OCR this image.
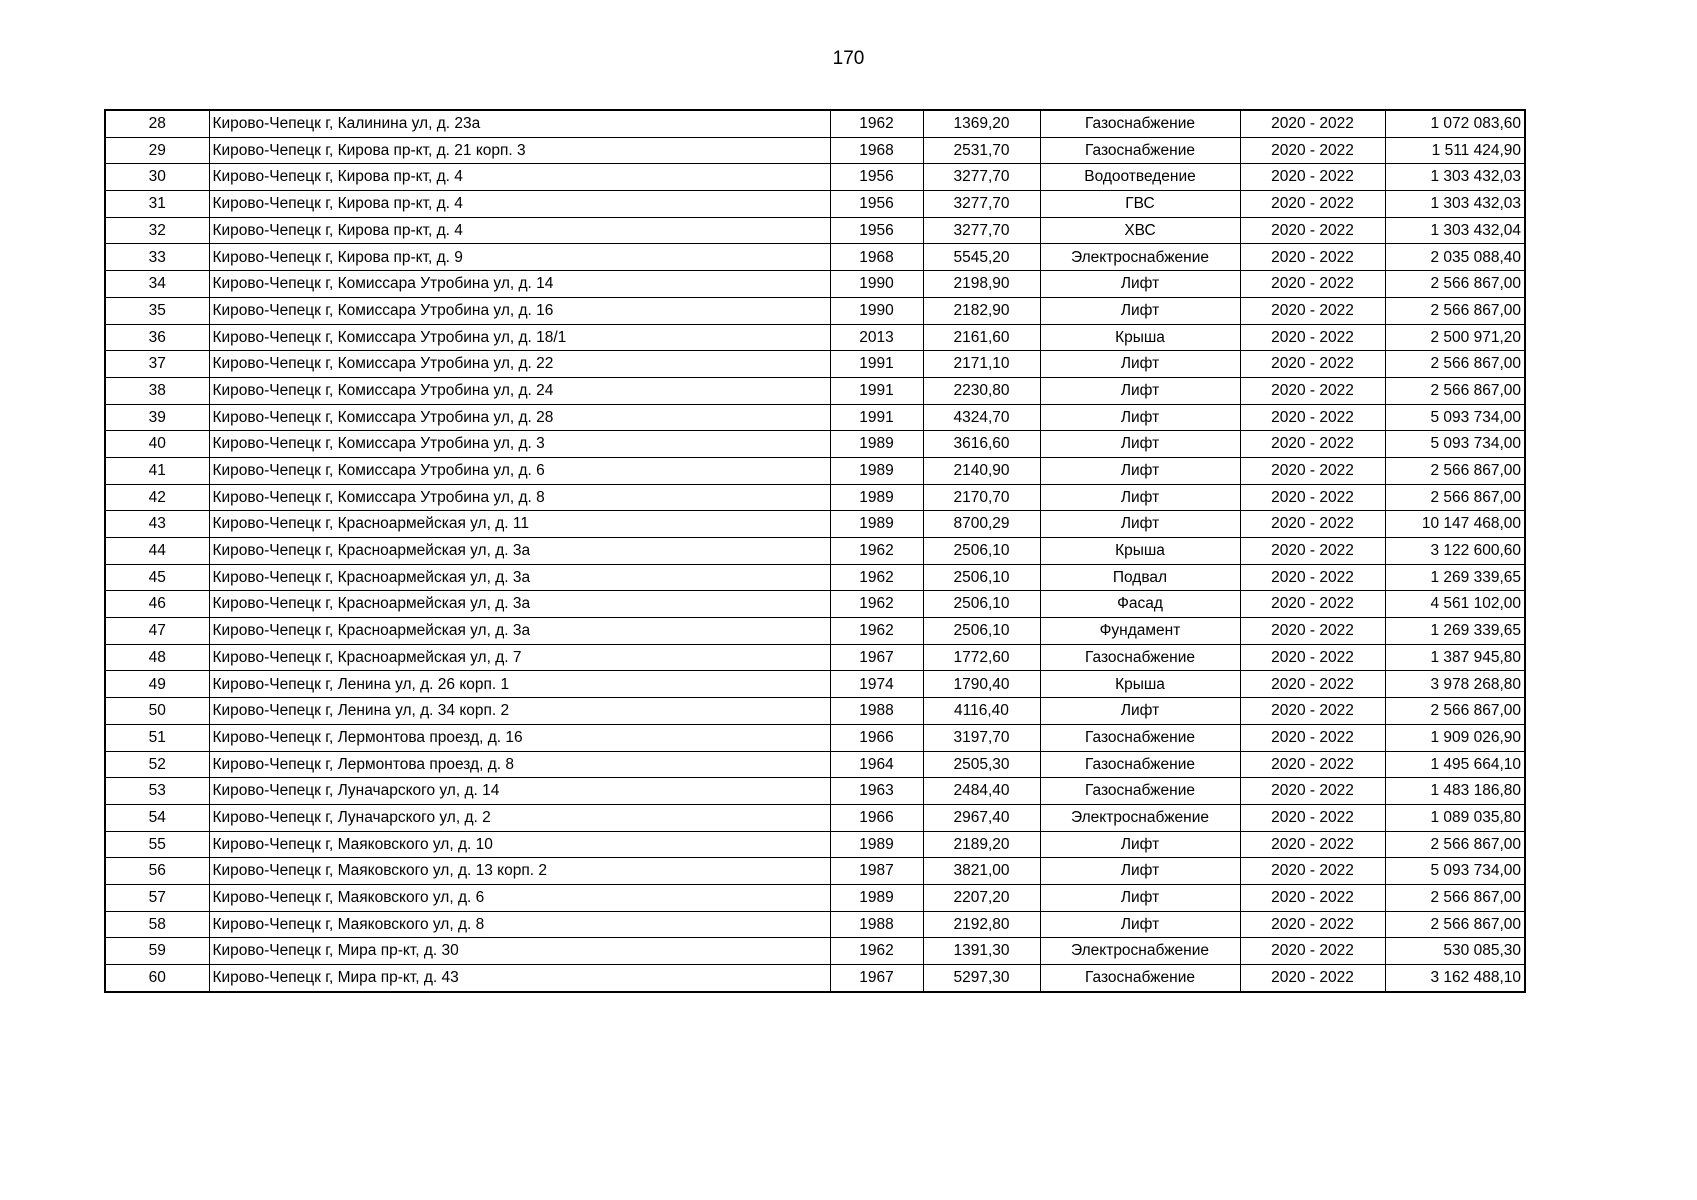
170
28	Кирово-Чепецк г, Калинина ул, д. 23а	1962	1369,20	Газоснабжение	2020 - 2022	1 072 083,60
29	Кирово-Чепецк г, Кирова пр-кт, д. 21 корп. 3	1968	2531,70	Газоснабжение	2020 - 2022	1 511 424,90
30	Кирово-Чепецк г, Кирова пр-кт, д. 4	1956	3277,70	Водоотведение	2020 - 2022	1 303 432,03
31	Кирово-Чепецк г, Кирова пр-кт, д. 4	1956	3277,70	ГВС	2020 - 2022	1 303 432,03
32	Кирово-Чепецк г, Кирова пр-кт, д. 4	1956	3277,70	ХВС	2020 - 2022	1 303 432,04
33	Кирово-Чепецк г, Кирова пр-кт, д. 9	1968	5545,20	Электроснабжение	2020 - 2022	2 035 088,40
34	Кирово-Чепецк г, Комиссара Утробина ул, д. 14	1990	2198,90	Лифт	2020 - 2022	2 566 867,00
35	Кирово-Чепецк г, Комиссара Утробина ул, д. 16	1990	2182,90	Лифт	2020 - 2022	2 566 867,00
36	Кирово-Чепецк г, Комиссара Утробина ул, д. 18/1	2013	2161,60	Крыша	2020 - 2022	2 500 971,20
37	Кирово-Чепецк г, Комиссара Утробина ул, д. 22	1991	2171,10	Лифт	2020 - 2022	2 566 867,00
38	Кирово-Чепецк г, Комиссара Утробина ул, д. 24	1991	2230,80	Лифт	2020 - 2022	2 566 867,00
39	Кирово-Чепецк г, Комиссара Утробина ул, д. 28	1991	4324,70	Лифт	2020 - 2022	5 093 734,00
40	Кирово-Чепецк г, Комиссара Утробина ул, д. 3	1989	3616,60	Лифт	2020 - 2022	5 093 734,00
41	Кирово-Чепецк г, Комиссара Утробина ул, д. 6	1989	2140,90	Лифт	2020 - 2022	2 566 867,00
42	Кирово-Чепецк г, Комиссара Утробина ул, д. 8	1989	2170,70	Лифт	2020 - 2022	2 566 867,00
43	Кирово-Чепецк г, Красноармейская ул, д. 11	1989	8700,29	Лифт	2020 - 2022	10 147 468,00
44	Кирово-Чепецк г, Красноармейская ул, д. 3а	1962	2506,10	Крыша	2020 - 2022	3 122 600,60
45	Кирово-Чепецк г, Красноармейская ул, д. 3а	1962	2506,10	Подвал	2020 - 2022	1 269 339,65
46	Кирово-Чепецк г, Красноармейская ул, д. 3а	1962	2506,10	Фасад	2020 - 2022	4 561 102,00
47	Кирово-Чепецк г, Красноармейская ул, д. 3а	1962	2506,10	Фундамент	2020 - 2022	1 269 339,65
48	Кирово-Чепецк г, Красноармейская ул, д. 7	1967	1772,60	Газоснабжение	2020 - 2022	1 387 945,80
49	Кирово-Чепецк г, Ленина ул, д. 26 корп. 1	1974	1790,40	Крыша	2020 - 2022	3 978 268,80
50	Кирово-Чепецк г, Ленина ул, д. 34 корп. 2	1988	4116,40	Лифт	2020 - 2022	2 566 867,00
51	Кирово-Чепецк г, Лермонтова проезд, д. 16	1966	3197,70	Газоснабжение	2020 - 2022	1 909 026,90
52	Кирово-Чепецк г, Лермонтова проезд, д. 8	1964	2505,30	Газоснабжение	2020 - 2022	1 495 664,10
53	Кирово-Чепецк г, Луначарского ул, д. 14	1963	2484,40	Газоснабжение	2020 - 2022	1 483 186,80
54	Кирово-Чепецк г, Луначарского ул, д. 2	1966	2967,40	Электроснабжение	2020 - 2022	1 089 035,80
55	Кирово-Чепецк г, Маяковского ул, д. 10	1989	2189,20	Лифт	2020 - 2022	2 566 867,00
56	Кирово-Чепецк г, Маяковского ул, д. 13 корп. 2	1987	3821,00	Лифт	2020 - 2022	5 093 734,00
57	Кирово-Чепецк г, Маяковского ул, д. 6	1989	2207,20	Лифт	2020 - 2022	2 566 867,00
58	Кирово-Чепецк г, Маяковского ул, д. 8	1988	2192,80	Лифт	2020 - 2022	2 566 867,00
59	Кирово-Чепецк г, Мира пр-кт, д. 30	1962	1391,30	Электроснабжение	2020 - 2022	530 085,30
60	Кирово-Чепецк г, Мира пр-кт, д. 43	1967	5297,30	Газоснабжение	2020 - 2022	3 162 488,10
